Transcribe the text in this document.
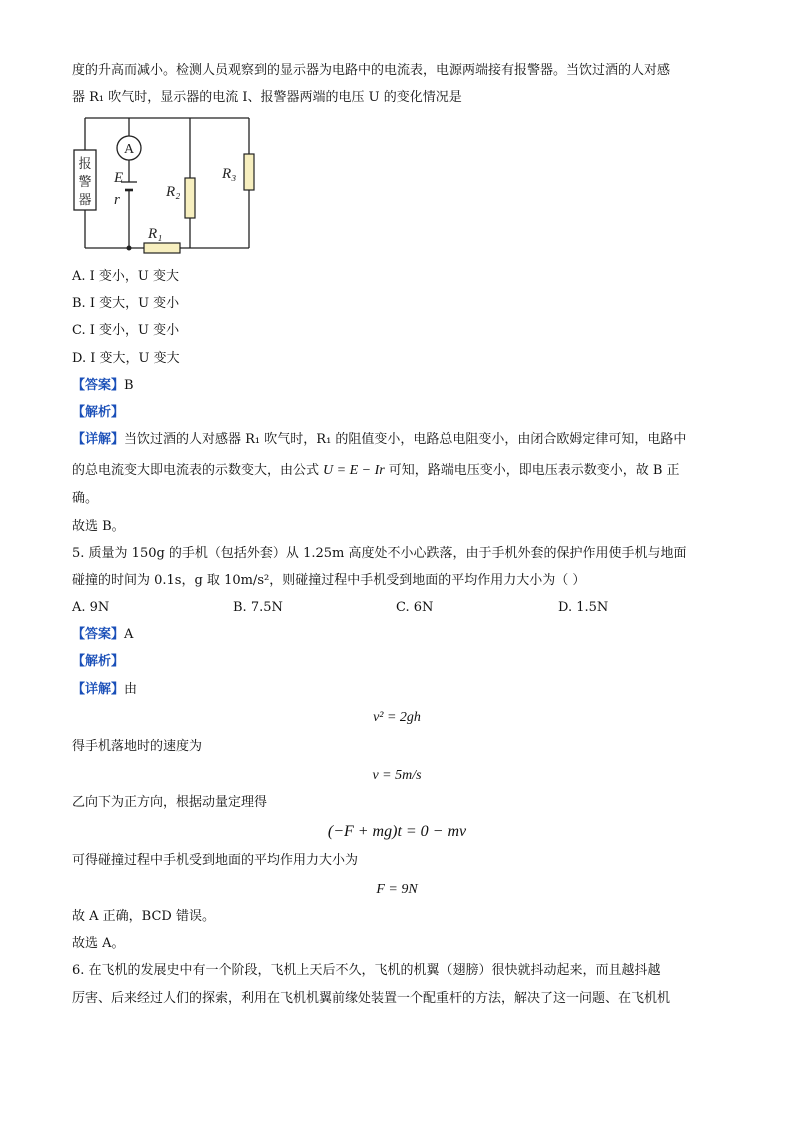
度的升高而减小。检测人员观察到的显示器为电路中的电流表，电源两端接有报警器。当饮过酒的人对感
器 R₁ 吹气时，显示器的电流 I、报警器两端的电压 U 的变化情况是
报
警
器
A
E
r	R₂
R₃
R₁
A. I 变小，U 变大
B. I 变大，U 变小
C. I 变小，U 变小
D. I 变大，U 变大
【答案】B
【解析】
【详解】当饮过酒的人对感器 R₁ 吹气时，R₁ 的阻值变小，电路总电阻变小，由闭合欧姆定律可知，电路中
的总电流变大即电流表的示数变大，由公式 U = E − Ir 可知，路端电压变小，即电压表示数变小，故 B 正
确。
故选 B。
5. 质量为 150g 的手机（包括外套）从 1.25m 高度处不小心跌落，由于手机外套的保护作用使手机与地面
碰撞的时间为 0.1s，g 取 10m/s²，则碰撞过程中手机受到地面的平均作用力大小为（ ）
A. 9N	B. 7.5N	C. 6N	D. 1.5N
【答案】A
【解析】
【详解】由
v² = 2gh
得手机落地时的速度为
v = 5m/s
乙向下为正方向，根据动量定理得
(−F + mg)t = 0 − mv
可得碰撞过程中手机受到地面的平均作用力大小为
F = 9N
故 A 正确，BCD 错误。
故选 A。
6. 在飞机的发展史中有一个阶段，飞机上天后不久，飞机的机翼（翅膀）很快就抖动起来，而且越抖越
厉害、后来经过人们的探索，利用在飞机机翼前缘处装置一个配重杆的方法，解决了这一问题、在飞机机
